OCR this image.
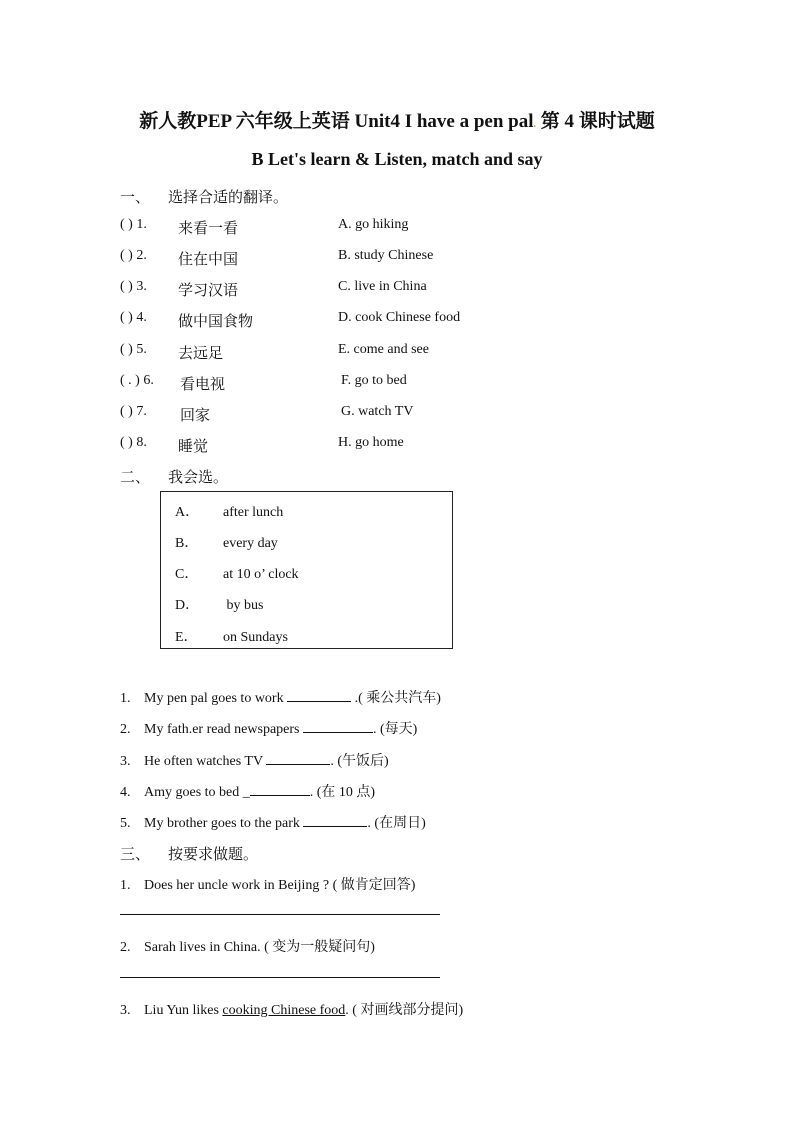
新人教PEP 六年级上英语 Unit4 I have a pen pal. 第 4 课时试题
B Let's learn & Listen, match and say
一、 选择合适的翻译。
( ) 1. 来看一看	A. go hiking
( ) 2. 住在中国	B. study Chinese
( ) 3. 学习汉语	C. live in China
( ) 4. 做中国食物	D. cook Chinese food
( ) 5. 去远足	E. come and see
( . ) 6. 看电视	F. go to bed
( ) 7. 回家	G. watch TV
( ) 8. 睡觉	H. go home
二、 我会选。
A． after lunch
B． every day
C． at 10 o’ clock
D． by bus
E． on Sundays
1. My pen pal goes to work	.( 乘公共汽车)
2. My fath.er read newspapers	. (每天)
3. He often watches TV	. (午饭后)
4. Amy goes to bed _	. (在 10 点)
5. My brother goes to the park	. (在周日)
三、 按要求做题。
1. Does her uncle work in Beijing ? ( 做肯定回答)
2. Sarah lives in China. ( 变为一般疑问句)
3. Liu Yun likes cooking Chinese food. ( 对画线部分提问)
